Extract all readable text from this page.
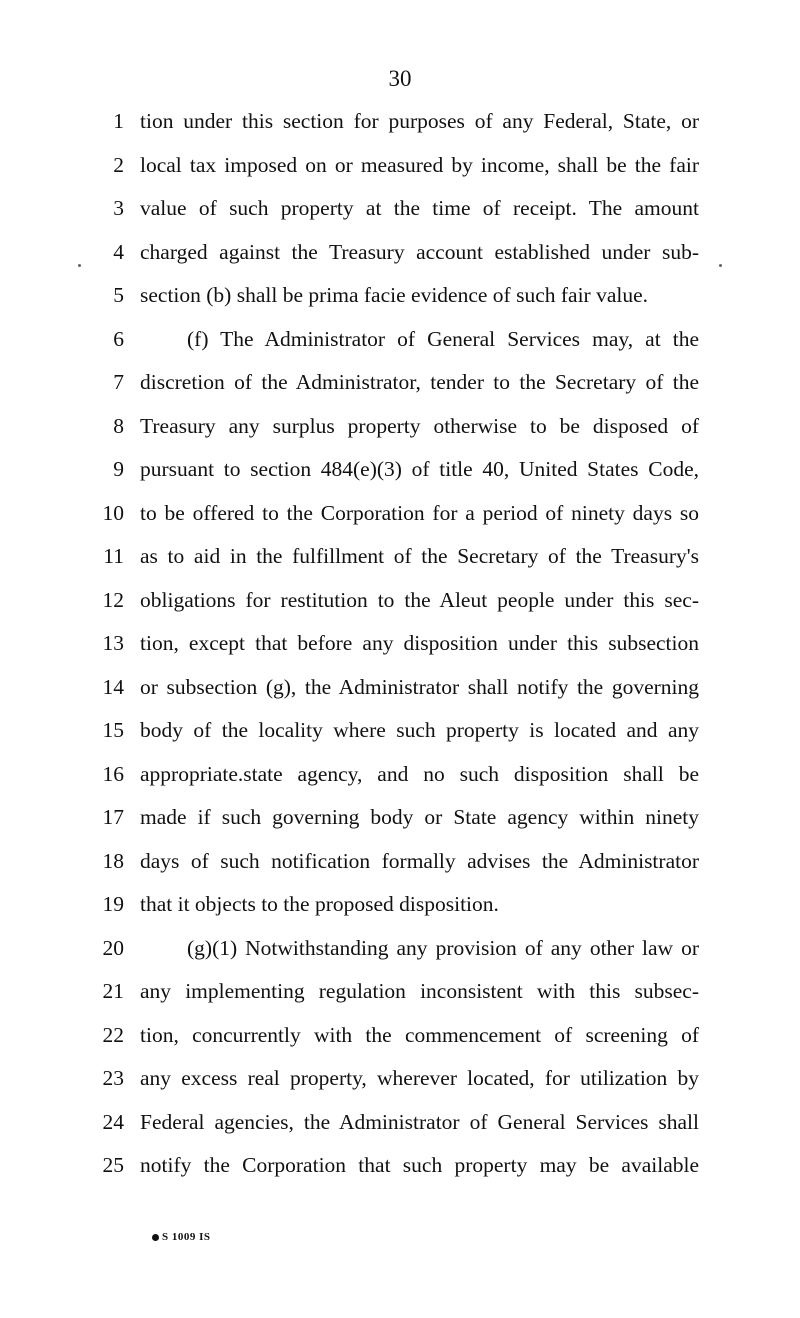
30
1 tion under this section for purposes of any Federal, State, or
2 local tax imposed on or measured by income, shall be the fair
3 value of such property at the time of receipt. The amount
4 charged against the Treasury account established under sub-
5 section (b) shall be prima facie evidence of such fair value.
6	(f) The Administrator of General Services may, at the
7 discretion of the Administrator, tender to the Secretary of the
8 Treasury any surplus property otherwise to be disposed of
9 pursuant to section 484(e)(3) of title 40, United States Code,
10 to be offered to the Corporation for a period of ninety days so
11 as to aid in the fulfillment of the Secretary of the Treasury's
12 obligations for restitution to the Aleut people under this sec-
13 tion, except that before any disposition under this subsection
14 or subsection (g), the Administrator shall notify the governing
15 body of the locality where such property is located and any
16 appropriate.state agency, and no such disposition shall be
17 made if such governing body or State agency within ninety
18 days of such notification formally advises the Administrator
19 that it objects to the proposed disposition.
20	(g)(1) Notwithstanding any provision of any other law or
21 any implementing regulation inconsistent with this subsec-
22 tion, concurrently with the commencement of screening of
23 any excess real property, wherever located, for utilization by
24 Federal agencies, the Administrator of General Services shall
25 notify the Corporation that such property may be available
S 1009 IS
